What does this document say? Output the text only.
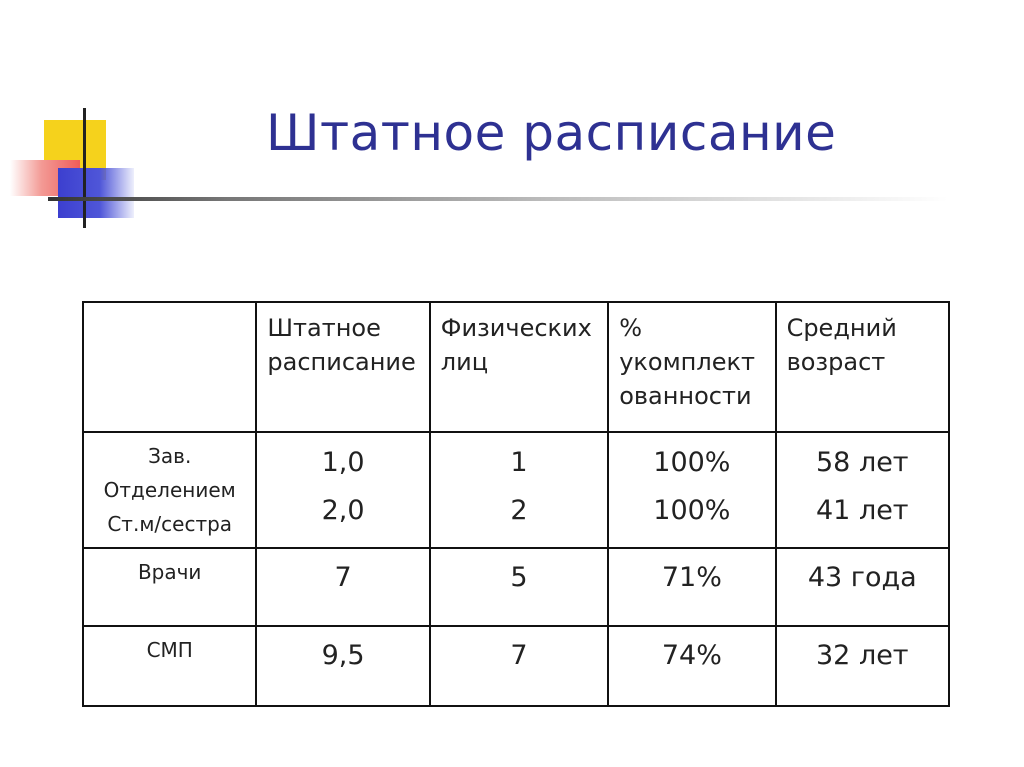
Штатное расписание

	Штатное
расписание	Физических
лиц	%
укомплект
ованности	Средний
возраст

Зав.
Отделением
Ст.м/сестра	1,0
2,0	1
2	100%
100%	58 лет
41 лет

Врачи	7	5	71%	43 года

СМП	9,5	7	74%	32 лет
